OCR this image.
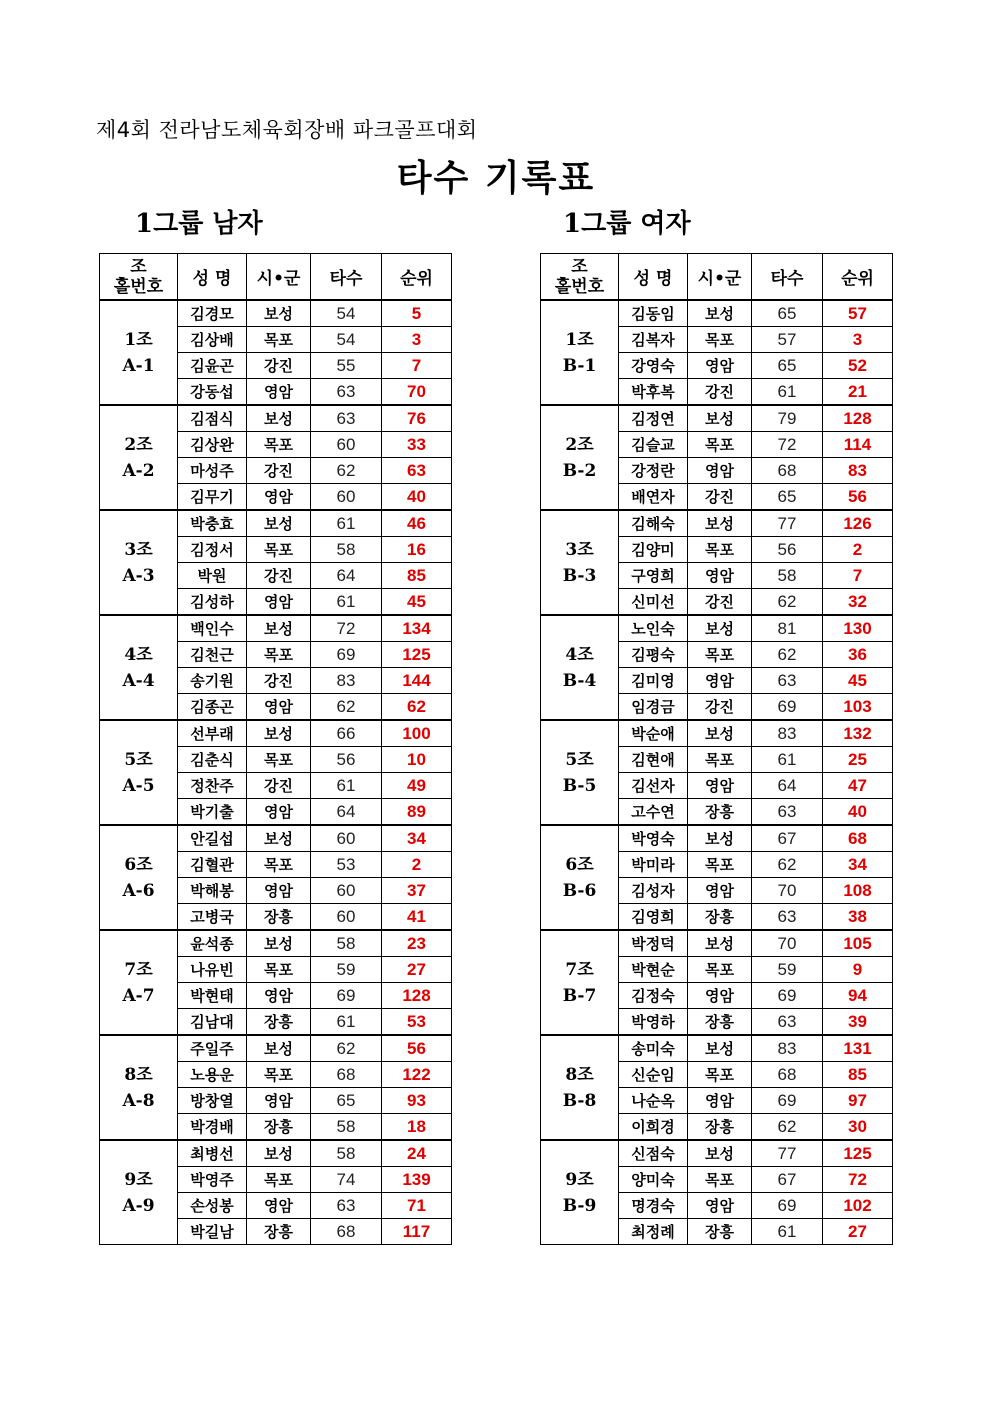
제4회 전라남도체육회장배 파크골프대회
타수 기록표
1그룹 남자	1그룹 여자
조
홀번호	성 명	시•군	타수	순위
1조
A-1	김경모	보성	54	5
	김상배	목포	54	3
	김윤곤	강진	55	7
	강동섭	영암	63	70
2조
A-2	김점식	보성	63	76
	김상완	목포	60	33
	마성주	강진	62	63
	김무기	영암	60	40
3조
A-3	박충효	보성	61	46
	김정서	목포	58	16
	박원	강진	64	85
	김성하	영암	61	45
4조
A-4	백인수	보성	72	134
	김천근	목포	69	125
	송기원	강진	83	144
	김종곤	영암	62	62
5조
A-5	선부래	보성	66	100
	김춘식	목포	56	10
	정찬주	강진	61	49
	박기출	영암	64	89
6조
A-6	안길섭	보성	60	34
	김혈관	목포	53	2
	박해봉	영암	60	37
	고병국	장흥	60	41
7조
A-7	윤석종	보성	58	23
	나유빈	목포	59	27
	박현태	영암	69	128
	김남대	장흥	61	53
8조
A-8	주일주	보성	62	56
	노용운	목포	68	122
	방창열	영암	65	93
	박경배	장흥	58	18
9조
A-9	최병선	보성	58	24
	박영주	목포	74	139
	손성봉	영암	63	71
	박길남	장흥	68	117
조
홀번호	성 명	시•군	타수	순위
1조
B-1	김동임	보성	65	57
	김복자	목포	57	3
	강영숙	영암	65	52
	박후복	강진	61	21
2조
B-2	김정연	보성	79	128
	김슬교	목포	72	114
	강정란	영암	68	83
	배연자	강진	65	56
3조
B-3	김해숙	보성	77	126
	김양미	목포	56	2
	구영희	영암	58	7
	신미선	강진	62	32
4조
B-4	노인숙	보성	81	130
	김평숙	목포	62	36
	김미영	영암	63	45
	임경금	강진	69	103
5조
B-5	박순애	보성	83	132
	김현애	목포	61	25
	김선자	영암	64	47
	고수연	장흥	63	40
6조
B-6	박영숙	보성	67	68
	박미라	목포	62	34
	김성자	영암	70	108
	김영희	장흥	63	38
7조
B-7	박정덕	보성	70	105
	박현순	목포	59	9
	김정숙	영암	69	94
	박영하	장흥	63	39
8조
B-8	송미숙	보성	83	131
	신순임	목포	68	85
	나순옥	영암	69	97
	이희경	장흥	62	30
9조
B-9	신점숙	보성	77	125
	양미숙	목포	67	72
	명경숙	영암	69	102
	최정례	장흥	61	27
